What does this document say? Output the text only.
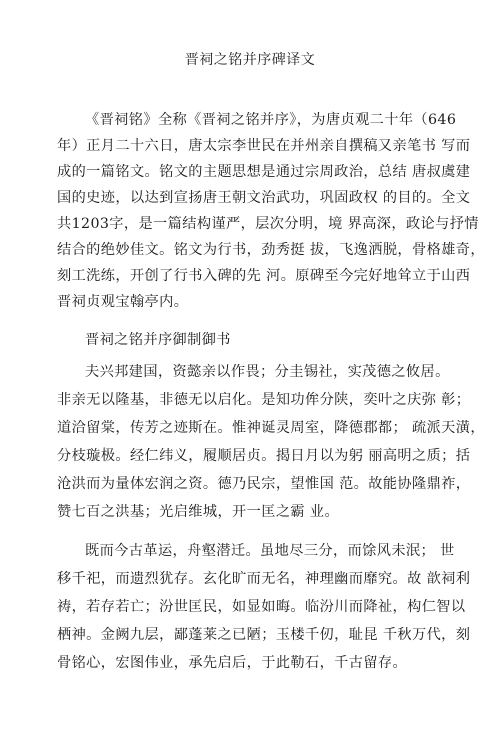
晋祠之铭并序碑译文
《晋祠铭》全称《晋祠之铭并序》，为唐贞观二十年（646
年）正月二十六日，唐太宗李世民在并州亲自撰稿又亲笔书 写而
成的一篇铭文。铭文的主题思想是通过宗周政治，总结 唐叔虞建
国的史迹，以达到宣扬唐王朝文治武功，巩固政权 的目的。全文
共1203字，是一篇结构谨严，层次分明，境 界高深，政论与抒情
结合的绝妙佳文。铭文为行书，劲秀挺 拔，飞逸洒脱，骨格雄奇，
刻工洗练，开创了行书入碑的先 河。原碑至今完好地耸立于山西
晋祠贞观宝翰亭内。
晋祠之铭并序御制御书
夫兴邦建国，资懿亲以作畏；分圭锡社，实茂德之攸居。
非亲无以隆基，非德无以启化。是知功侔分陕，奕叶之庆弥 彰；
道洽留棠，传芳之迹斯在。惟神诞灵周室，降德郡都； 疏派天潢，
分枝璇极。经仁纬义，履顺居贞。揭日月以为躬 丽高明之质；括
沧洪而为量体宏润之资。德乃民宗，望惟国 范。故能协隆鼎祚，
赞七百之洪基；光启维城，开一匡之霸 业。
既而今古革运，舟壑潜迁。虽地尽三分，而馀风未泯； 世
移千祀，而遗烈犹存。玄化旷而无名，神理幽而靡究。故 歆祠利
祷，若存若亡；汾世匡民，如显如晦。临汾川而降祉，构仁智以
栖神。金阙九层，鄙蓬莱之已陋；玉楼千仞，耻昆 千秋万代，刻
骨铭心，宏图伟业，承先启后，于此勒石，千古留存。
